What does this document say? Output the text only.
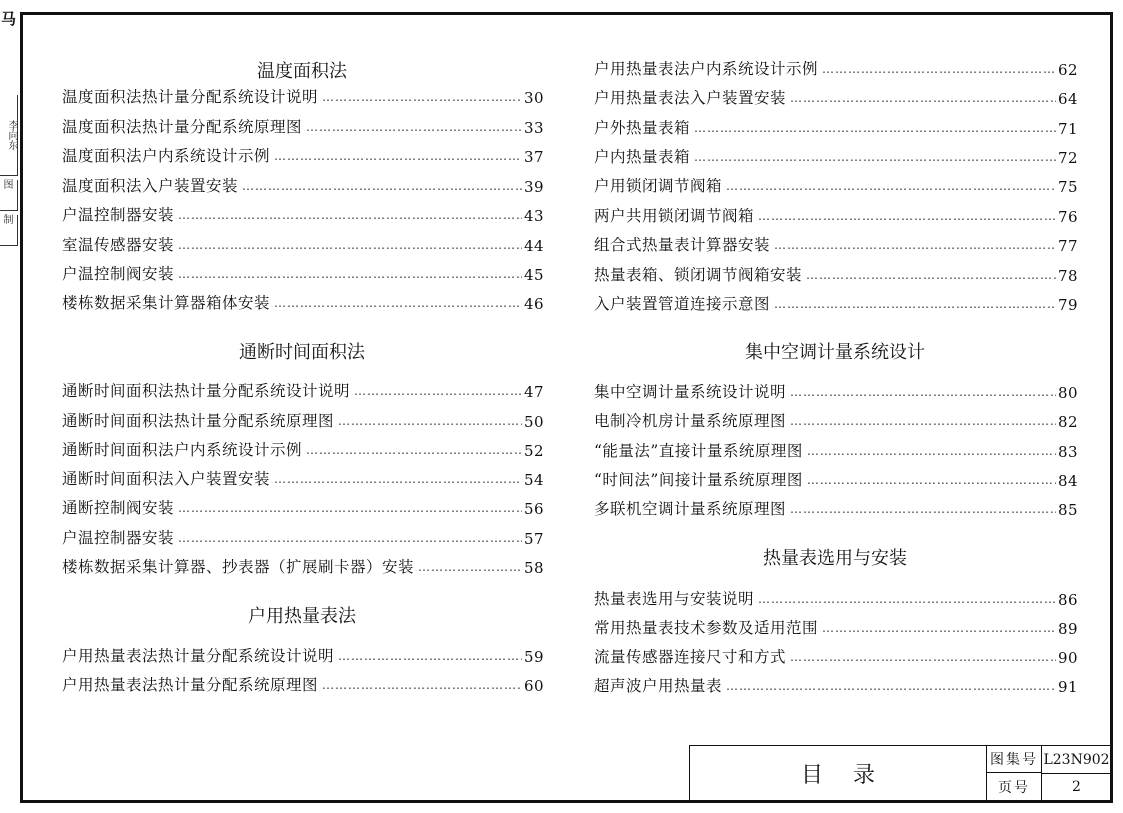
马
李向东
图
制
温度面积法
温度面积法热计量分配系统设计说明 …………………………………………………………………………………………………………………………	30
温度面积法热计量分配系统原理图 …………………………………………………………………………………………………………………………	33
温度面积法户内系统设计示例 …………………………………………………………………………………………………………………………	37
温度面积法入户装置安装 …………………………………………………………………………………………………………………………	39
户温控制器安装 …………………………………………………………………………………………………………………………	43
室温传感器安装 …………………………………………………………………………………………………………………………	44
户温控制阀安装 …………………………………………………………………………………………………………………………	45
楼栋数据采集计算器箱体安装 …………………………………………………………………………………………………………………………	46
通断时间面积法
通断时间面积法热计量分配系统设计说明 …………………………………………………………………………………………………………………………	47
通断时间面积法热计量分配系统原理图 …………………………………………………………………………………………………………………………	50
通断时间面积法户内系统设计示例 …………………………………………………………………………………………………………………………	52
通断时间面积法入户装置安装 …………………………………………………………………………………………………………………………	54
通断控制阀安装 …………………………………………………………………………………………………………………………	56
户温控制器安装 …………………………………………………………………………………………………………………………	57
楼栋数据采集计算器、抄表器（扩展刷卡器）安装 …………………………………………………………………………………………………………………………	58
户用热量表法
户用热量表法热计量分配系统设计说明 …………………………………………………………………………………………………………………………	59
户用热量表法热计量分配系统原理图 …………………………………………………………………………………………………………………………	60
户用热量表法户内系统设计示例 …………………………………………………………………………………………………………………………	62
户用热量表法入户装置安装 …………………………………………………………………………………………………………………………	64
户外热量表箱 …………………………………………………………………………………………………………………………	71
户内热量表箱 …………………………………………………………………………………………………………………………	72
户用锁闭调节阀箱 …………………………………………………………………………………………………………………………	75
两户共用锁闭调节阀箱 …………………………………………………………………………………………………………………………	76
组合式热量表计算器安装 …………………………………………………………………………………………………………………………	77
热量表箱、锁闭调节阀箱安装 …………………………………………………………………………………………………………………………	78
入户装置管道连接示意图 …………………………………………………………………………………………………………………………	79
集中空调计量系统设计
集中空调计量系统设计说明 …………………………………………………………………………………………………………………………	80
电制冷机房计量系统原理图 …………………………………………………………………………………………………………………………	82
“能量法”直接计量系统原理图 …………………………………………………………………………………………………………………………	83
“时间法”间接计量系统原理图 …………………………………………………………………………………………………………………………	84
多联机空调计量系统原理图 …………………………………………………………………………………………………………………………	85
热量表选用与安装
热量表选用与安装说明 …………………………………………………………………………………………………………………………	86
常用热量表技术参数及适用范围 …………………………………………………………………………………………………………………………	89
流量传感器连接尺寸和方式 …………………………………………………………………………………………………………………………	90
超声波户用热量表 …………………………………………………………………………………………………………………………	91
目录
图集号 L23N902
页号	2
